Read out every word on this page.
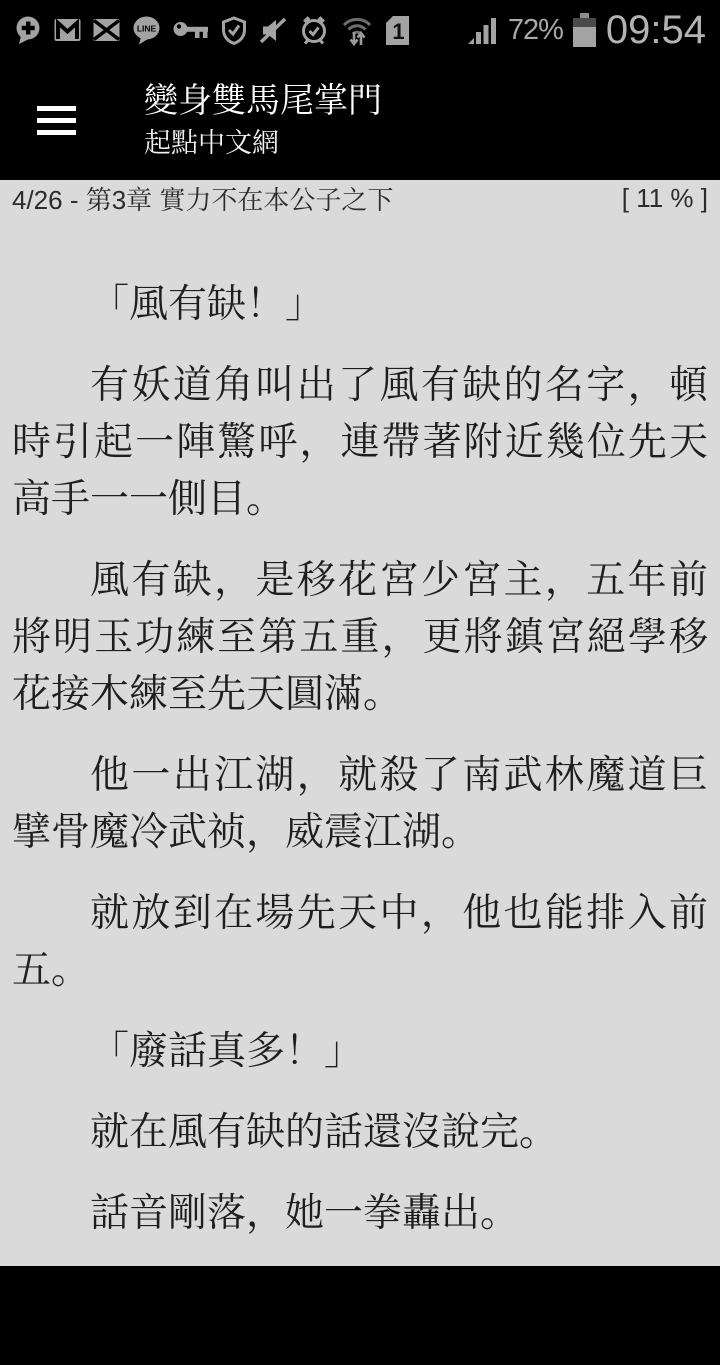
LINE	1	72% 09:54
變身雙馬尾掌門
起點中文網
4/26 - 第3章 實力不在本公子之下	[ 11 % ]

「風有缺！」

有妖道角叫出了風有缺的名字，頓時引起一陣驚呼，連帶著附近幾位先天高手一一側目。

風有缺，是移花宮少宮主，五年前將明玉功練至第五重，更將鎮宮絕學移花接木練至先天圓滿。

他一出江湖，就殺了南武林魔道巨擘骨魔冷武祯，威震江湖。

就放到在場先天中，他也能排入前五。

「廢話真多！」

就在風有缺的話還沒說完。

話音剛落，她一拳轟出。
